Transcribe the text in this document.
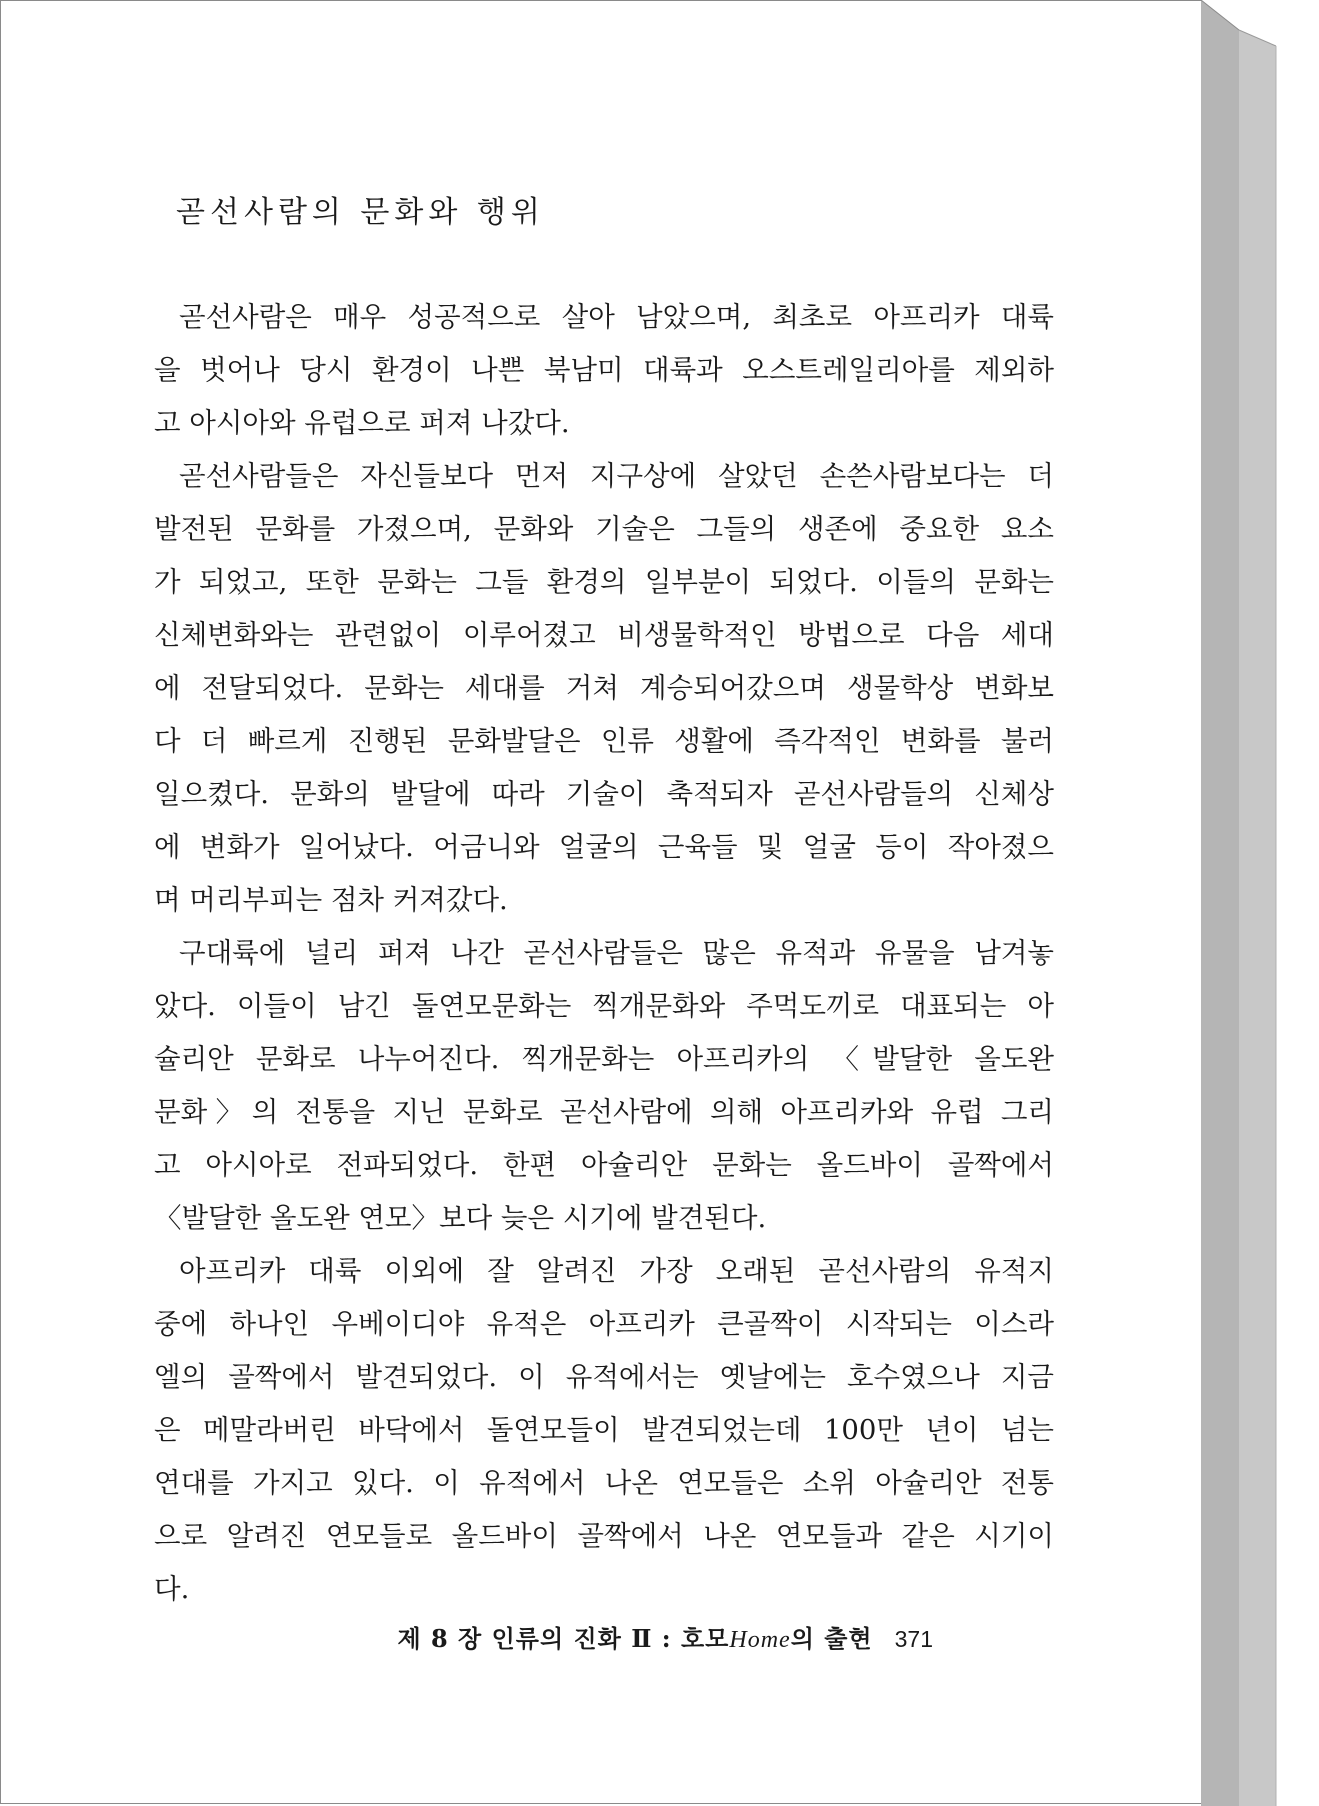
곧선사람의 문화와 행위
곧선사람은 매우 성공적으로 살아 남았으며, 최초로 아프리카 대륙
을 벗어나 당시 환경이 나쁜 북남미 대륙과 오스트레일리아를 제외하
고 아시아와 유럽으로 퍼져 나갔다.
곧선사람들은 자신들보다 먼저 지구상에 살았던 손쓴사람보다는 더
발전된 문화를 가졌으며, 문화와 기술은 그들의 생존에 중요한 요소
가 되었고, 또한 문화는 그들 환경의 일부분이 되었다. 이들의 문화는
신체변화와는 관련없이 이루어졌고 비생물학적인 방법으로 다음 세대
에 전달되었다. 문화는 세대를 거쳐 계승되어갔으며 생물학상 변화보
다 더 빠르게 진행된 문화발달은 인류 생활에 즉각적인 변화를 불러
일으켰다. 문화의 발달에 따라 기술이 축적되자 곧선사람들의 신체상
에 변화가 일어났다. 어금니와 얼굴의 근육들 및 얼굴 등이 작아졌으
며 머리부피는 점차 커져갔다.
구대륙에 널리 퍼져 나간 곧선사람들은 많은 유적과 유물을 남겨놓
았다. 이들이 남긴 돌연모문화는 찍개문화와 주먹도끼로 대표되는 아
슐리안 문화로 나누어진다. 찍개문화는 아프리카의 〈발달한 올도완
문화〉의 전통을 지닌 문화로 곧선사람에 의해 아프리카와 유럽 그리
고 아시아로 전파되었다. 한편 아슐리안 문화는 올드바이 골짝에서
〈발달한 올도완 연모〉보다 늦은 시기에 발견된다.
아프리카 대륙 이외에 잘 알려진 가장 오래된 곧선사람의 유적지
중에 하나인 우베이디야 유적은 아프리카 큰골짝이 시작되는 이스라
엘의 골짝에서 발견되었다. 이 유적에서는 옛날에는 호수였으나 지금
은 메말라버린 바닥에서 돌연모들이 발견되었는데 100만 년이 넘는
연대를 가지고 있다. 이 유적에서 나온 연모들은 소위 아슐리안 전통
으로 알려진 연모들로 올드바이 골짝에서 나온 연모들과 같은 시기이
다.
제 8 장 인류의 진화 Ⅱ : 호모Home의 출현 371
